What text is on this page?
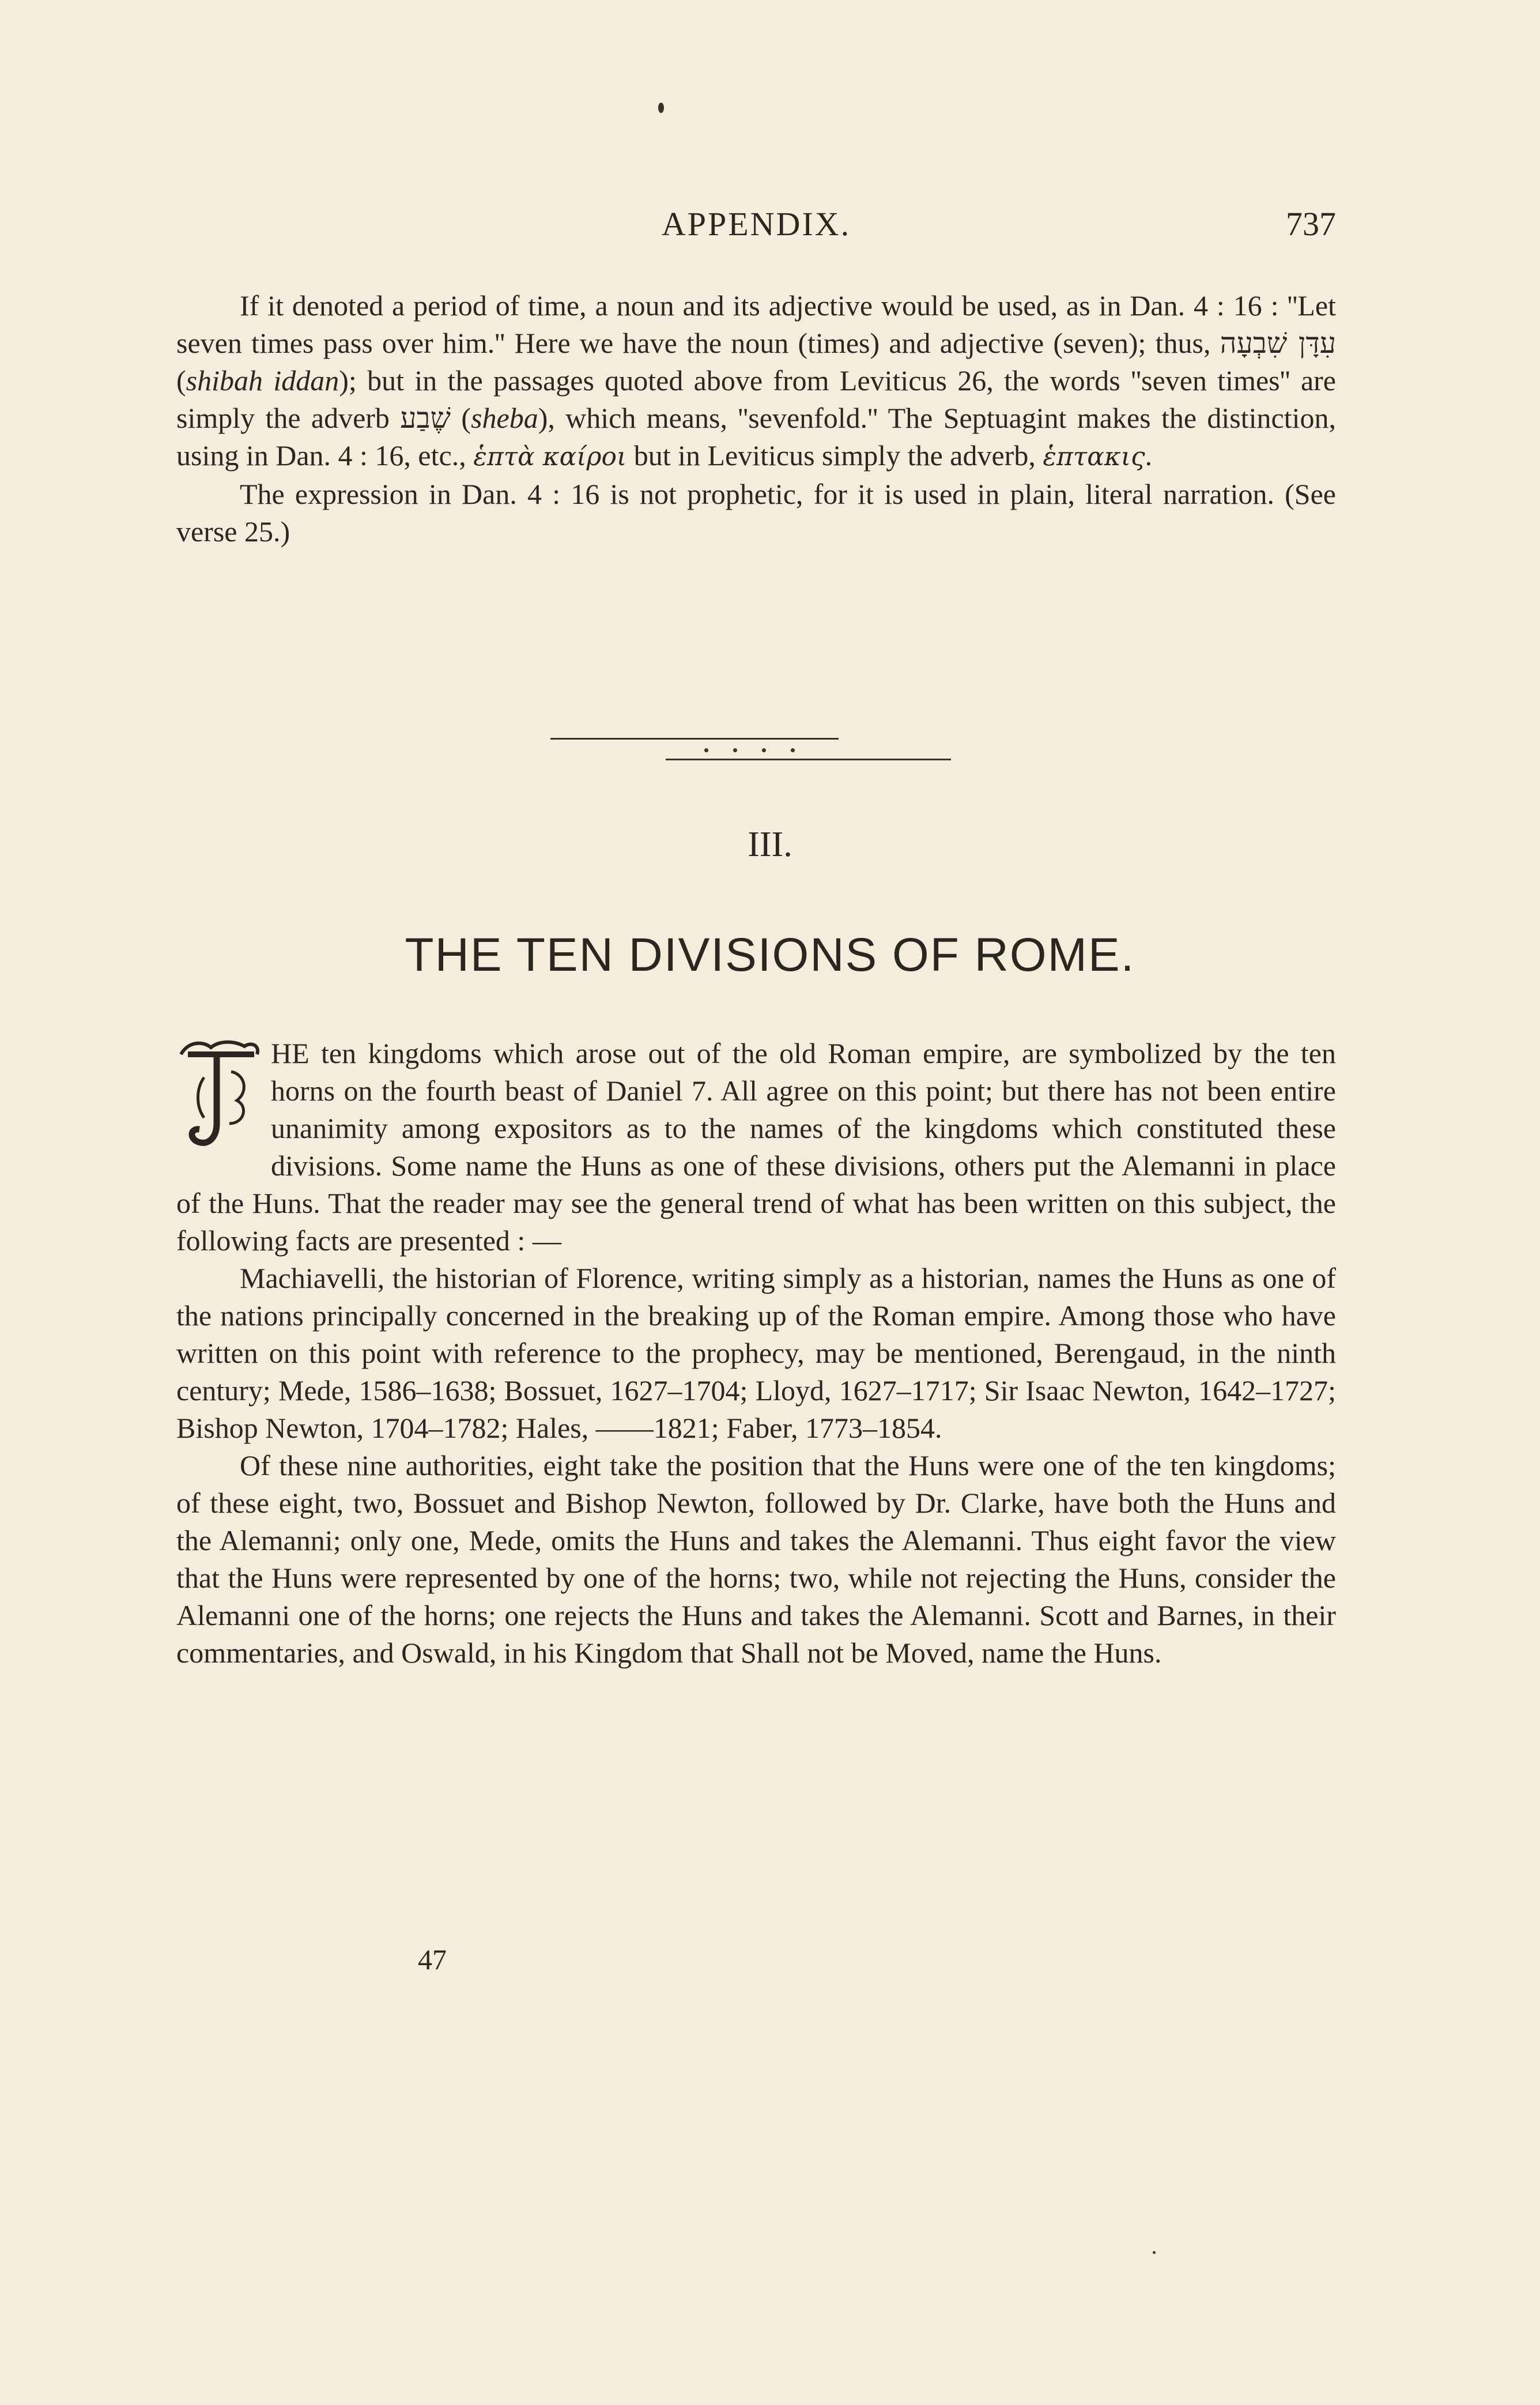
APPENDIX.	737

If it denoted a period of time, a noun and its adjective would be used, as in Dan. 4 : 16 : ''Let seven times pass over him.'' Here we have the noun (times) and adjective (seven); thus, עִדָּן שִׁבְעָה (shibah iddan); but in the passages quoted above from Leviticus 26, the words ''seven times'' are simply the adverb שֶׁבַע (sheba), which means, ''sevenfold.'' The Septuagint makes the distinction, using in Dan. 4 : 16, etc., ἑπτὰ καίροι but in Leviticus simply the adverb, ἑπτακις.

The expression in Dan. 4 : 16 is not prophetic, for it is used in plain, literal narration. (See verse 25.)

III.
THE TEN DIVISIONS OF ROME.

T
HE ten kingdoms which arose out of the old Roman empire, are symbolized by the ten horns on the fourth beast of Daniel 7. All agree on this point; but there has not been entire unanimity among expositors as to the names of the kingdoms which constituted these divisions. Some name the Huns as one of these divisions, others put the Alemanni in place of the Huns. That the reader may see the general trend of what has been written on this subject, the following facts are presented : —

Machiavelli, the historian of Florence, writing simply as a historian, names the Huns as one of the nations principally concerned in the breaking up of the Roman empire. Among those who have written on this point with reference to the prophecy, may be mentioned, Berengaud, in the ninth century; Mede, 1586–1638; Bossuet, 1627–1704; Lloyd, 1627–1717; Sir Isaac Newton, 1642–1727; Bishop Newton, 1704–1782; Hales, ——1821; Faber, 1773–1854.

Of these nine authorities, eight take the position that the Huns were one of the ten kingdoms; of these eight, two, Bossuet and Bishop Newton, followed by Dr. Clarke, have both the Huns and the Alemanni; only one, Mede, omits the Huns and takes the Alemanni. Thus eight favor the view that the Huns were represented by one of the horns; two, while not rejecting the Huns, consider the Alemanni one of the horns; one rejects the Huns and takes the Alemanni. Scott and Barnes, in their commentaries, and Oswald, in his Kingdom that Shall not be Moved, name the Huns.

47
